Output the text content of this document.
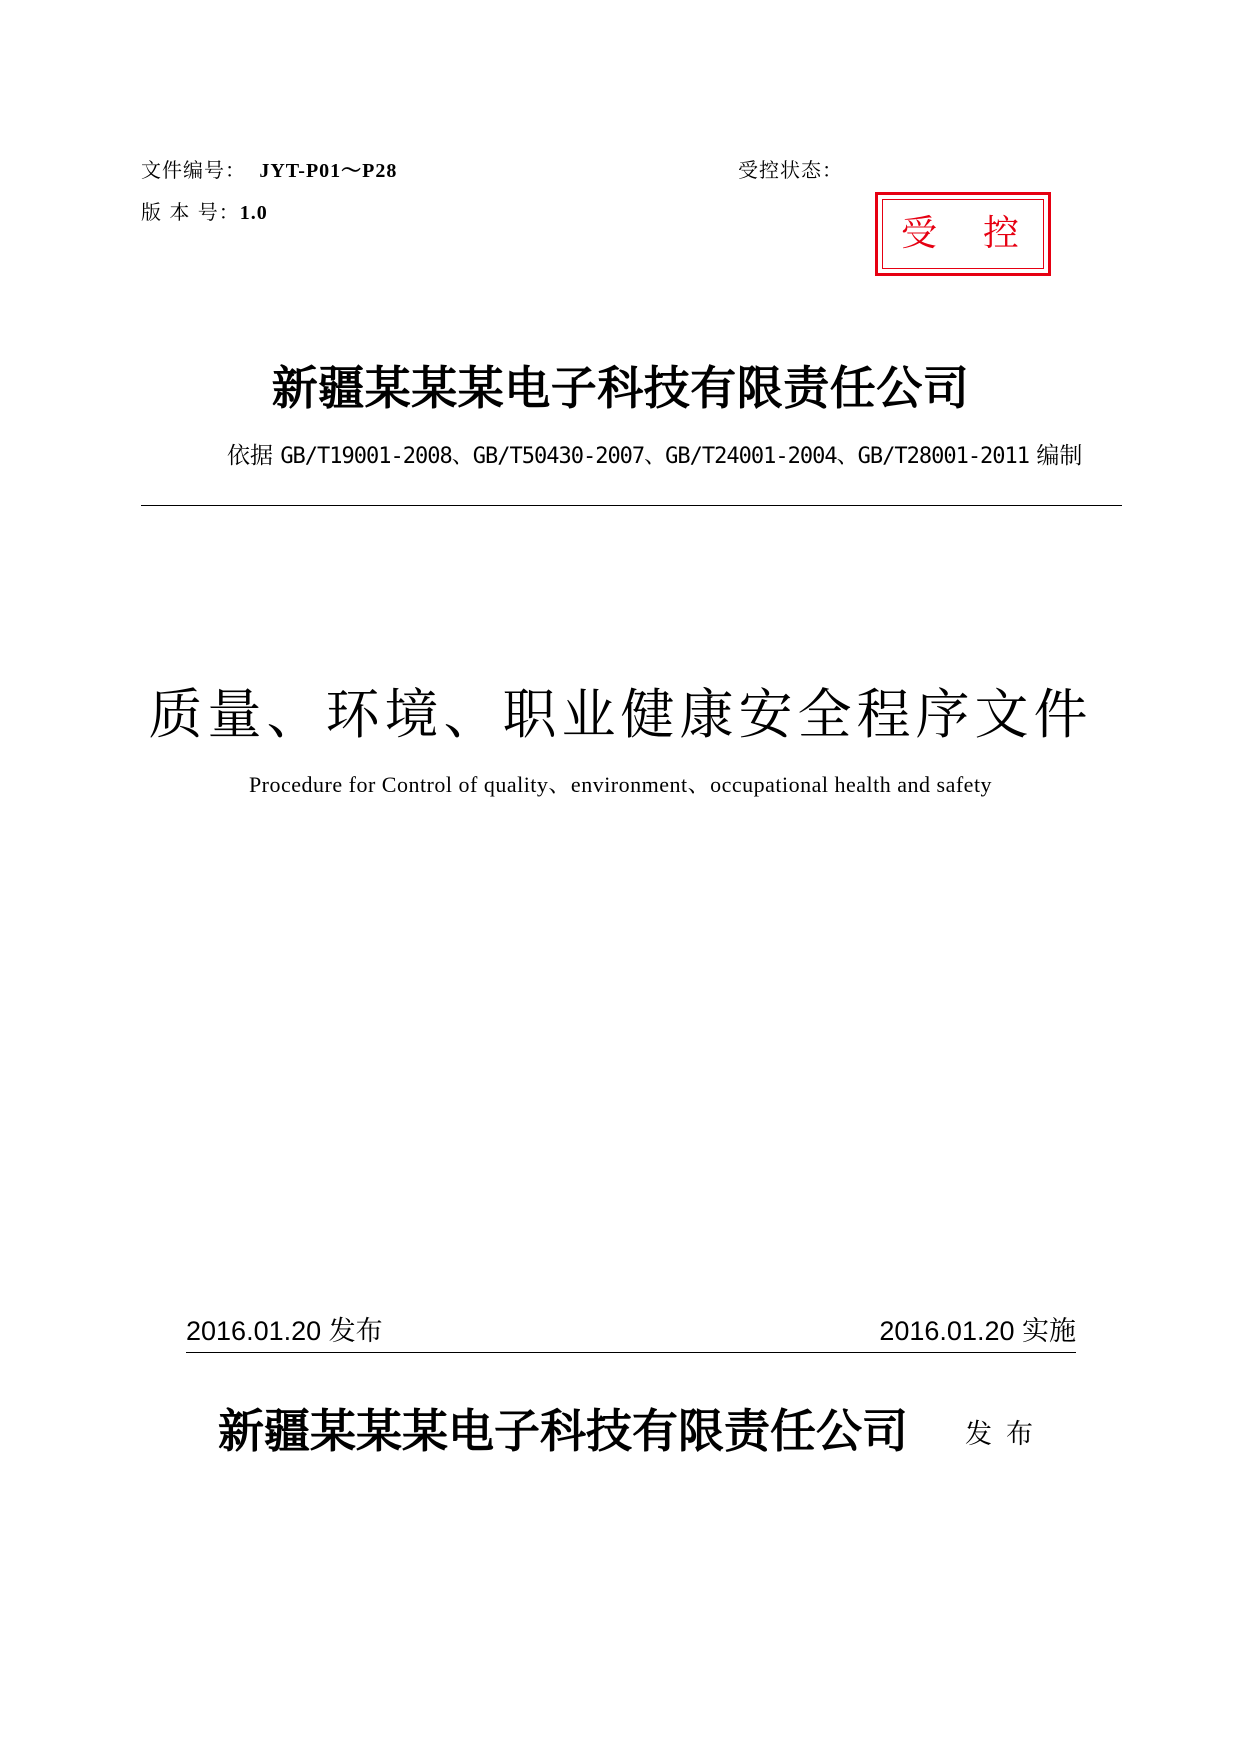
文件编号： JYT-P01～P28
版 本 号：1.0
受控状态：
受 控
新疆某某某电子科技有限责任公司
依据 GB/T19001-2008、GB/T50430-2007、GB/T24001-2004、GB/T28001-2011 编制
质量、环境、职业健康安全程序文件
Procedure for Control of quality、environment、occupational health and safety
2016.01.20 发布	2016.01.20 实施
新疆某某某电子科技有限责任公司 发布
